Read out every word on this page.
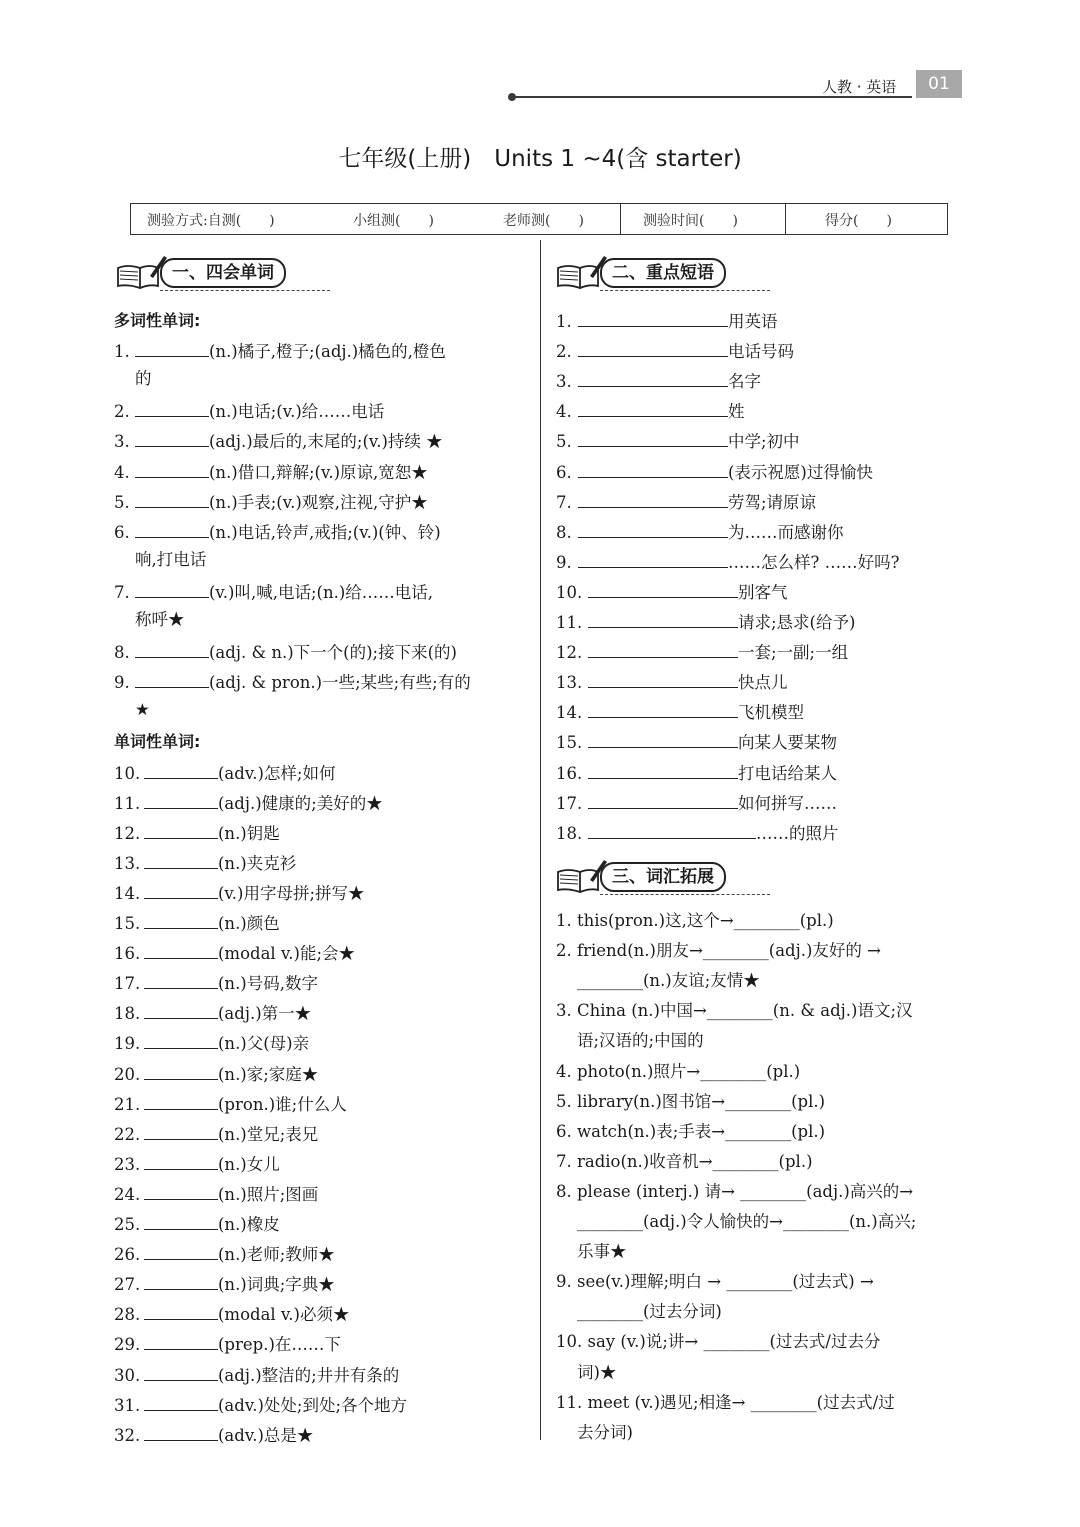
人教 · 英语	01
七年级(上册)　Units 1 ~4(含 starter)
测验方式:自测(　　)	小组测(　　)	老师测(　　)	测验时间(　　)	得分(　　)
一、四会单词	二、重点短语
三、词汇拓展
多词性单词:
1.	(n.)橘子,橙子;(adj.)橘色的,橙色
的
2.	(n.)电话;(v.)给……电话
3.	(adj.)最后的,末尾的;(v.)持续 ★
4.	(n.)借口,辩解;(v.)原谅,宽恕★
5.	(n.)手表;(v.)观察,注视,守护★
6.	(n.)电话,铃声,戒指;(v.)(钟、铃)
响,打电话
7.	(v.)叫,喊,电话;(n.)给……电话,
称呼★
8.	(adj. & n.)下一个(的);接下来(的)
9.	(adj. & pron.)一些;某些;有些;有的
★
单词性单词:
10.	(adv.)怎样;如何
11.	(adj.)健康的;美好的★
12.	(n.)钥匙
13.	(n.)夹克衫
14.	(v.)用字母拼;拼写★
15.	(n.)颜色
16.	(modal v.)能;会★
17.	(n.)号码,数字
18.	(adj.)第一★
19.	(n.)父(母)亲
20.	(n.)家;家庭★
21.	(pron.)谁;什么人
22.	(n.)堂兄;表兄
23.	(n.)女儿
24.	(n.)照片;图画
25.	(n.)橡皮
26.	(n.)老师;教师★
27.	(n.)词典;字典★
28.	(modal v.)必须★
29.	(prep.)在……下
30.	(adj.)整洁的;井井有条的
31.	(adv.)处处;到处;各个地方
32.	(adv.)总是★
1.	用英语
2.	电话号码
3.	名字
4.	姓
5.	中学;初中
6.	(表示祝愿)过得愉快
7.	劳驾;请原谅
8.	为……而感谢你
9.	……怎么样? ……好吗?
10.	别客气
11.	请求;恳求(给予)
12.	一套;一副;一组
13.	快点儿
14.	飞机模型
15.	向某人要某物
16.	打电话给某人
17.	如何拼写……
18.	……的照片
1. this(pron.)这,这个→________(pl.)
2. friend(n.)朋友→________(adj.)友好的 →
________(n.)友谊;友情★
3. China (n.)中国→________(n. & adj.)语文;汉
语;汉语的;中国的
4. photo(n.)照片→________(pl.)
5. library(n.)图书馆→________(pl.)
6. watch(n.)表;手表→________(pl.)
7. radio(n.)收音机→________(pl.)
8. please (interj.) 请→ ________(adj.)高兴的→
________(adj.)令人愉快的→________(n.)高兴;
乐事★
9. see(v.)理解;明白 → ________(过去式) →
________(过去分词)
10. say (v.)说;讲→ ________(过去式/过去分
词)★
11. meet (v.)遇见;相逢→ ________(过去式/过
去分词)
